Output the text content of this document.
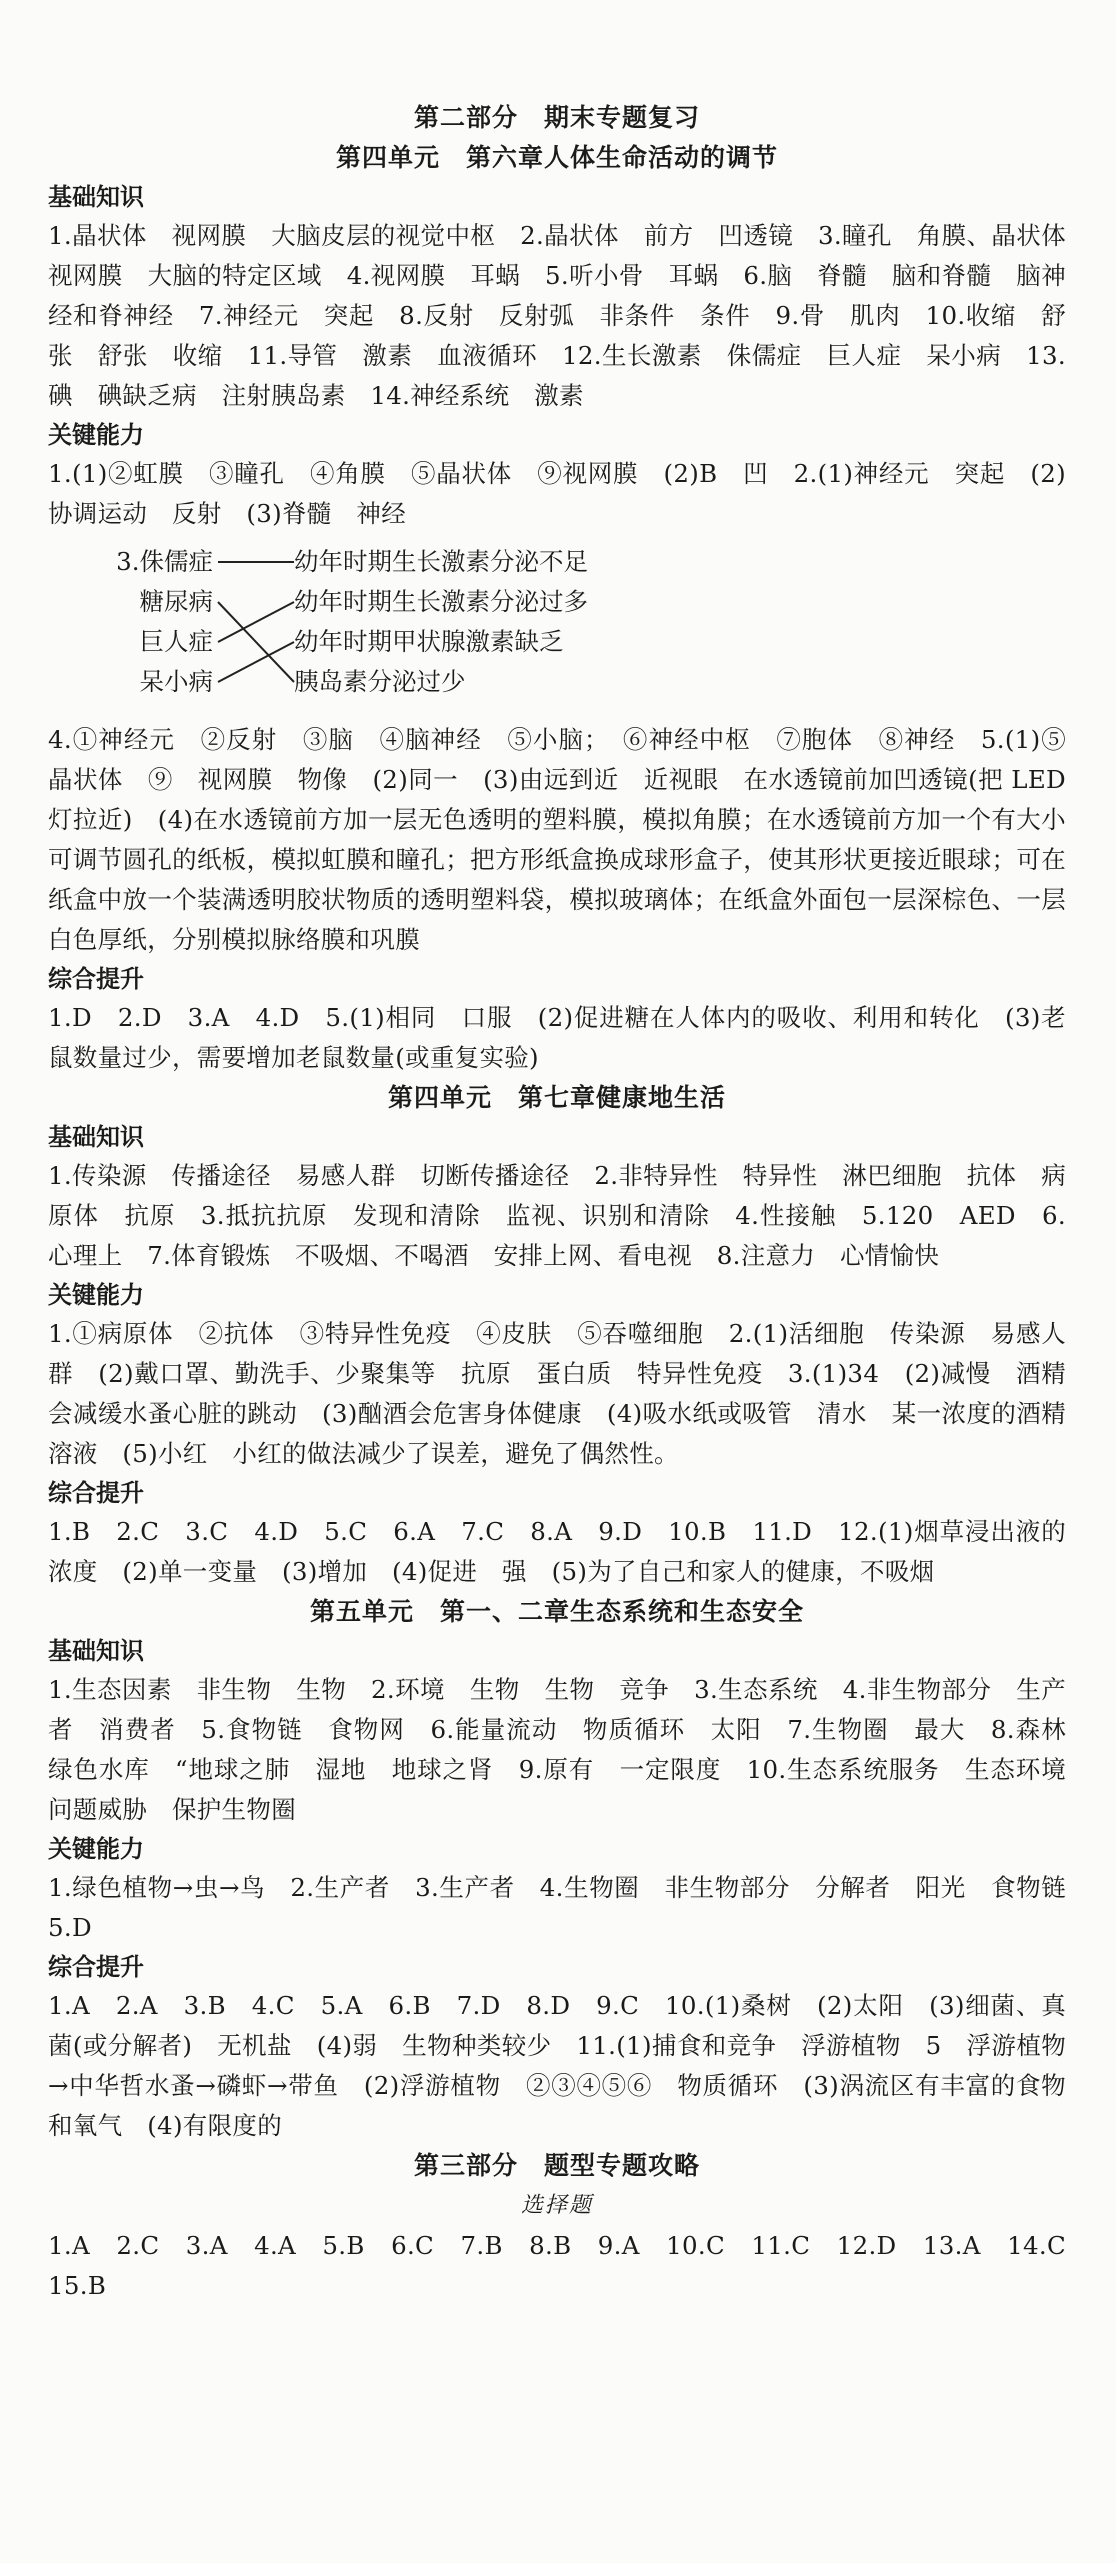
第二部分　期末专题复习
第四单元　第六章人体生命活动的调节
基础知识
1.晶状体　视网膜　大脑皮层的视觉中枢　2.晶状体　前方　凹透镜　3.瞳孔　角膜、晶状体　视网膜　大脑的特定区域　4.视网膜　耳蜗　5.听小骨　耳蜗　6.脑　脊髓　脑和脊髓　脑神经和脊神经　7.神经元　突起　8.反射　反射弧　非条件　条件　9.骨　肌肉　10.收缩　舒张　舒张　收缩　11.导管　激素　血液循环　12.生长激素　侏儒症　巨人症　呆小病　13.碘　碘缺乏病　注射胰岛素　14.神经系统　激素
关键能力
1.(1)②虹膜　③瞳孔　④角膜　⑤晶状体　⑨视网膜　(2)B　凹　2.(1)神经元　突起　(2)协调运动　反射　(3)脊髓　神经
3.侏儒症
糖尿病
巨人症
呆小病
幼年时期生长激素分泌不足
幼年时期生长激素分泌过多
幼年时期甲状腺激素缺乏
胰岛素分泌过少
4.①神经元　②反射　③脑　④脑神经　⑤小脑；　⑥神经中枢　⑦胞体　⑧神经　5.(1)⑤　晶状体　⑨　视网膜　物像　(2)同一　(3)由远到近　近视眼　在水透镜前加凹透镜(把 LED 灯拉近)　(4)在水透镜前方加一层无色透明的塑料膜，模拟角膜；在水透镜前方加一个有大小可调节圆孔的纸板，模拟虹膜和瞳孔；把方形纸盒换成球形盒子，使其形状更接近眼球；可在纸盒中放一个装满透明胶状物质的透明塑料袋，模拟玻璃体；在纸盒外面包一层深棕色、一层白色厚纸，分别模拟脉络膜和巩膜
综合提升
1.D　2.D　3.A　4.D　5.(1)相同　口服　(2)促进糖在人体内的吸收、利用和转化　(3)老鼠数量过少，需要增加老鼠数量(或重复实验)
第四单元　第七章健康地生活
基础知识
1.传染源　传播途径　易感人群　切断传播途径　2.非特异性　特异性　淋巴细胞　抗体　病原体　抗原　3.抵抗抗原　发现和清除　监视、识别和清除　4.性接触　5.120　AED　6.心理上　7.体育锻炼　不吸烟、不喝酒　安排上网、看电视　8.注意力　心情愉快
关键能力
1.①病原体　②抗体　③特异性免疫　④皮肤　⑤吞噬细胞　2.(1)活细胞　传染源　易感人群　(2)戴口罩、勤洗手、少聚集等　抗原　蛋白质　特异性免疫　3.(1)34　(2)减慢　酒精会减缓水蚤心脏的跳动　(3)酗酒会危害身体健康　(4)吸水纸或吸管　清水　某一浓度的酒精溶液　(5)小红　小红的做法减少了误差，避免了偶然性。
综合提升
1.B　2.C　3.C　4.D　5.C　6.A　7.C　8.A　9.D　10.B　11.D　12.(1)烟草浸出液的浓度　(2)单一变量　(3)增加　(4)促进　强　(5)为了自己和家人的健康，不吸烟
第五单元　第一、二章生态系统和生态安全
基础知识
1.生态因素　非生物　生物　2.环境　生物　生物　竞争　3.生态系统　4.非生物部分　生产者　消费者　5.食物链　食物网　6.能量流动　物质循环　太阳　7.生物圈　最大　8.森林　绿色水库　“地球之肺　湿地　地球之肾　9.原有　一定限度　10.生态系统服务　生态环境问题威胁　保护生物圈
关键能力
1.绿色植物→虫→鸟　2.生产者　3.生产者　4.生物圈　非生物部分　分解者　阳光　食物链　5.D
综合提升
1.A　2.A　3.B　4.C　5.A　6.B　7.D　8.D　9.C　10.(1)桑树　(2)太阳　(3)细菌、真菌(或分解者)　无机盐　(4)弱　生物种类较少　11.(1)捕食和竞争　浮游植物　5　浮游植物→中华哲水蚤→磷虾→带鱼　(2)浮游植物　②③④⑤⑥　物质循环　(3)涡流区有丰富的食物和氧气　(4)有限度的
第三部分　题型专题攻略
选择题
1.A　2.C　3.A　4.A　5.B　6.C　7.B　8.B　9.A　10.C　11.C　12.D　13.A　14.C　15.B
